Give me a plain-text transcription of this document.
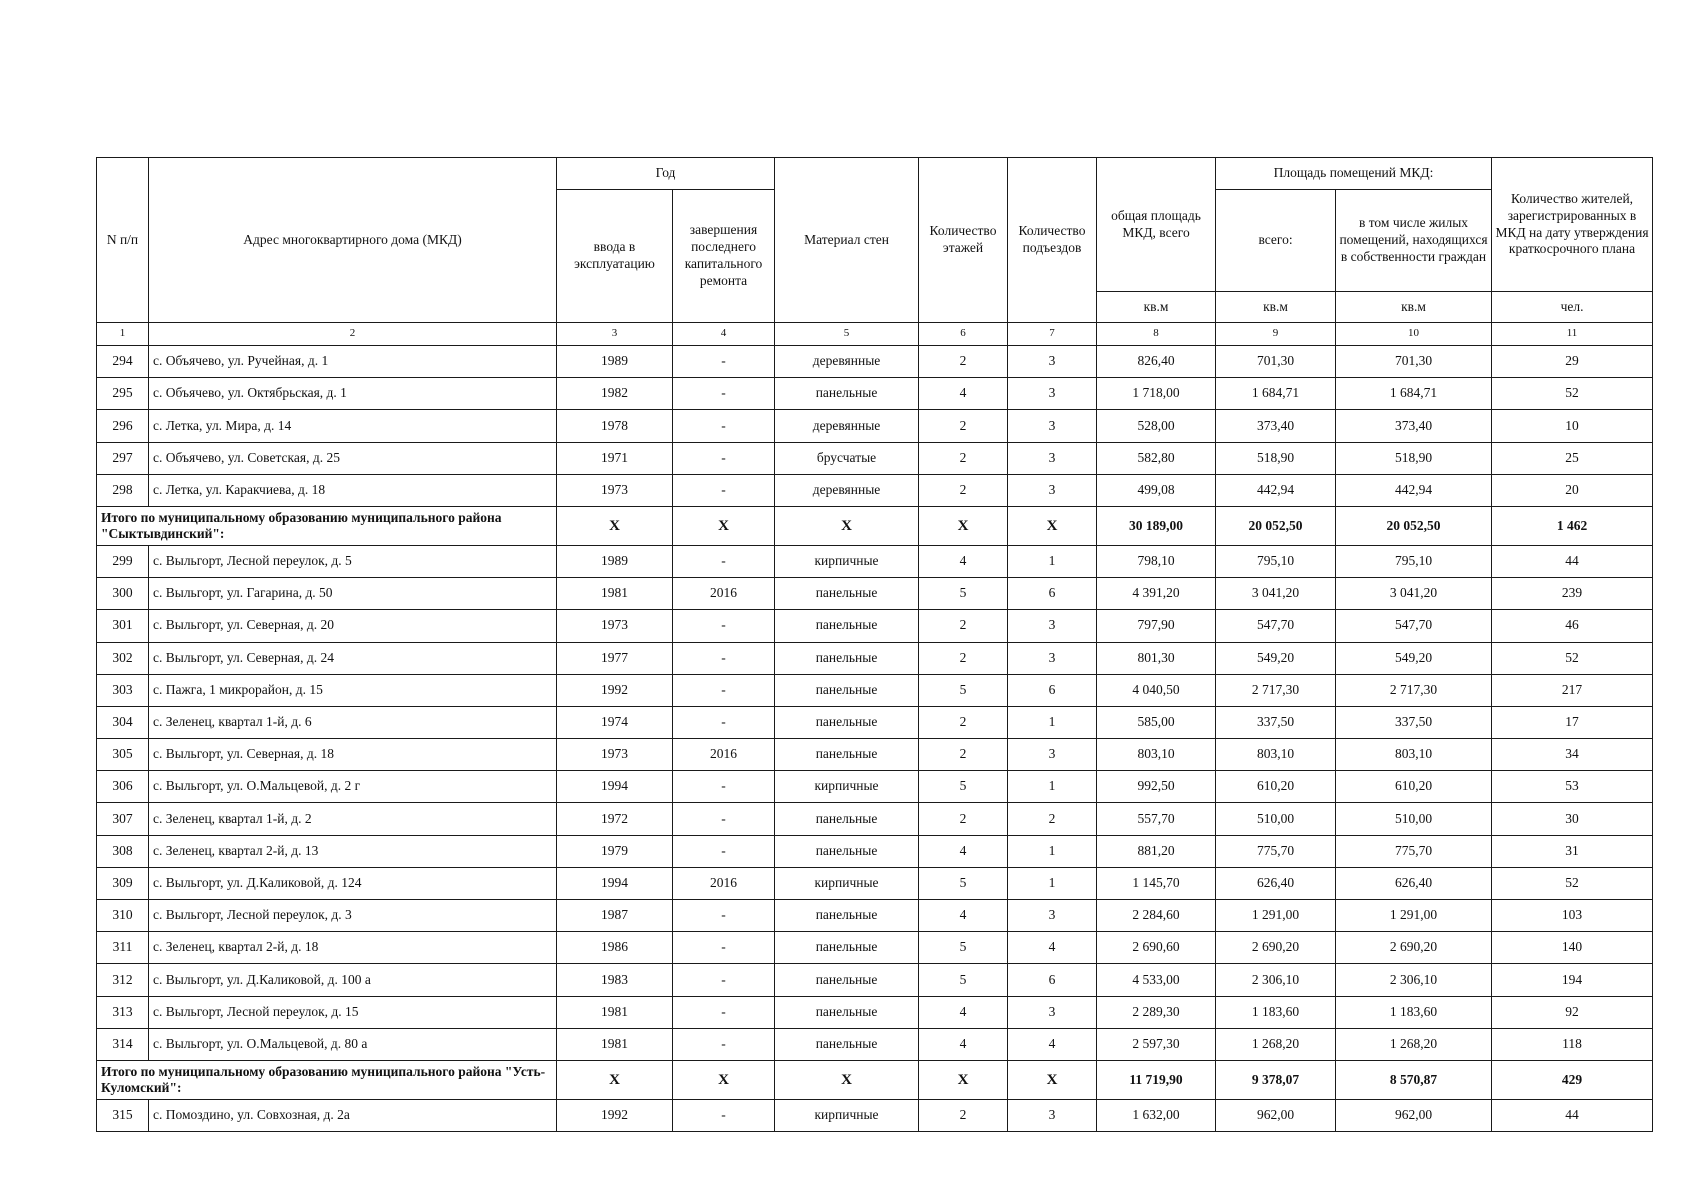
N п/п	Адрес многоквартирного дома (МКД)	Год		Материал стен	Количество этажей	Количество подъездов	общая площадь МКД, всего	Площадь помещений МКД:		Количество жителей, зарегистрированных в МКД на дату утверждения краткосрочного плана
		ввода в эксплуатацию	завершения последнего капитального ремонта					всего:	в том числе жилых помещений, находящихся в собственности граждан	
							кв.м	кв.м	кв.м	чел.
1	2	3	4	5	6	7	8	9	10	11
294	с. Объячево, ул. Ручейная, д. 1	1989	-	деревянные	2	3	826,40	701,30	701,30	29
295	с. Объячево, ул. Октябрьская, д. 1	1982	-	панельные	4	3	1 718,00	1 684,71	1 684,71	52
296	с. Летка, ул. Мира, д. 14	1978	-	деревянные	2	3	528,00	373,40	373,40	10
297	с. Объячево, ул. Советская, д. 25	1971	-	брусчатые	2	3	582,80	518,90	518,90	25
298	с. Летка, ул. Каракчиева, д. 18	1973	-	деревянные	2	3	499,08	442,94	442,94	20
Итого по муниципальному образованию муниципального района "Сыктывдинский":		X	X	X	X	X	30 189,00	20 052,50	20 052,50	1 462
299	с. Выльгорт, Лесной переулок, д. 5	1989	-	кирпичные	4	1	798,10	795,10	795,10	44
300	с. Выльгорт, ул. Гагарина, д. 50	1981	2016	панельные	5	6	4 391,20	3 041,20	3 041,20	239
301	с. Выльгорт, ул. Северная, д. 20	1973	-	панельные	2	3	797,90	547,70	547,70	46
302	с. Выльгорт, ул. Северная, д. 24	1977	-	панельные	2	3	801,30	549,20	549,20	52
303	с. Пажга, 1 микрорайон, д. 15	1992	-	панельные	5	6	4 040,50	2 717,30	2 717,30	217
304	с. Зеленец, квартал 1-й, д. 6	1974	-	панельные	2	1	585,00	337,50	337,50	17
305	с. Выльгорт, ул. Северная, д. 18	1973	2016	панельные	2	3	803,10	803,10	803,10	34
306	с. Выльгорт, ул. О.Мальцевой, д. 2 г	1994	-	кирпичные	5	1	992,50	610,20	610,20	53
307	с. Зеленец, квартал 1-й, д. 2	1972	-	панельные	2	2	557,70	510,00	510,00	30
308	с. Зеленец, квартал 2-й, д. 13	1979	-	панельные	4	1	881,20	775,70	775,70	31
309	с. Выльгорт, ул. Д.Каликовой, д. 124	1994	2016	кирпичные	5	1	1 145,70	626,40	626,40	52
310	с. Выльгорт, Лесной переулок, д. 3	1987	-	панельные	4	3	2 284,60	1 291,00	1 291,00	103
311	с. Зеленец, квартал 2-й, д. 18	1986	-	панельные	5	4	2 690,60	2 690,20	2 690,20	140
312	с. Выльгорт, ул. Д.Каликовой, д. 100 а	1983	-	панельные	5	6	4 533,00	2 306,10	2 306,10	194
313	с. Выльгорт, Лесной переулок, д. 15	1981	-	панельные	4	3	2 289,30	1 183,60	1 183,60	92
314	с. Выльгорт, ул. О.Мальцевой, д. 80 а	1981	-	панельные	4	4	2 597,30	1 268,20	1 268,20	118
Итого по муниципальному образованию муниципального района "Усть-Куломский":		X	X	X	X	X	11 719,90	9 378,07	8 570,87	429
315	с. Помоздино, ул. Совхозная, д. 2а	1992	-	кирпичные	2	3	1 632,00	962,00	962,00	44
